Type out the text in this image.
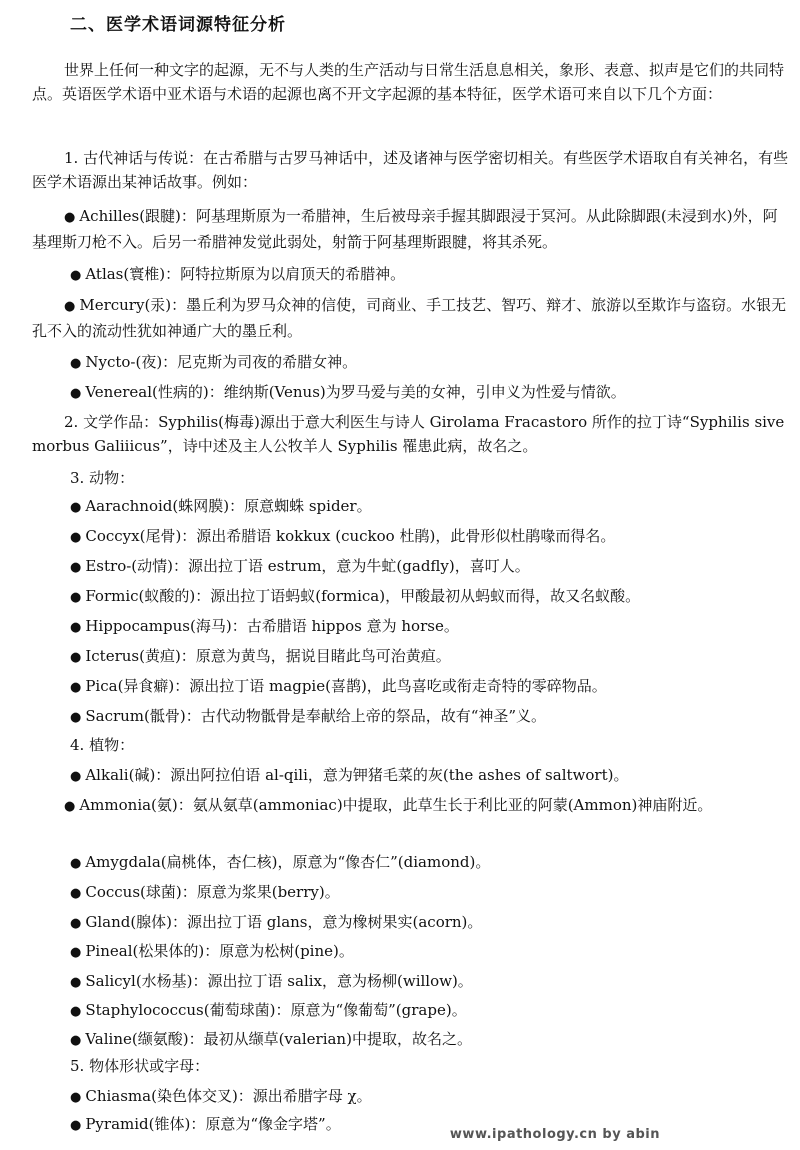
二、医学术语词源特征分析
世界上任何一种文字的起源，无不与人类的生产活动与日常生活息息相关，象形、表意、拟声是它们的共同特点。英语医学术语中亚术语与术语的起源也离不开文字起源的基本特征，医学术语可来自以下几个方面：
1. 古代神话与传说：在古希腊与古罗马神话中，述及诸神与医学密切相关。有些医学术语取自有关神名，有些医学术语源出某神话故事。例如：
● Achilles(跟腱)：阿基理斯原为一希腊神，生后被母亲手握其脚跟浸于冥河。从此除脚跟(未浸到水)外，阿基理斯刀枪不入。后另一希腊神发觉此弱处，射箭于阿基理斯跟腱，将其杀死。
● Atlas(寰椎)：阿特拉斯原为以肩顶天的希腊神。
● Mercury(汞)：墨丘利为罗马众神的信使，司商业、手工技艺、智巧、辩才、旅游以至欺诈与盗窃。水银无孔不入的流动性犹如神通广大的墨丘利。
● Nycto-(夜)：尼克斯为司夜的希腊女神。
● Venereal(性病的)：维纳斯(Venus)为罗马爱与美的女神，引申义为性爱与情欲。
2. 文学作品：Syphilis(梅毒)源出于意大利医生与诗人 Girolama Fracastoro 所作的拉丁诗“Syphilis sive morbus Galiiicus”，诗中述及主人公牧羊人 Syphilis 罹患此病，故名之。
3. 动物：
● Aarachnoid(蛛网膜)：原意蜘蛛 spider。
● Coccyx(尾骨)：源出希腊语 kokkux (cuckoo 杜鹃)，此骨形似杜鹃喙而得名。
● Estro-(动情)：源出拉丁语 estrum，意为牛虻(gadfly)，喜叮人。
● Formic(蚁酸的)：源出拉丁语蚂蚁(formica)，甲酸最初从蚂蚁而得，故又名蚁酸。
● Hippocampus(海马)：古希腊语 hippos 意为 horse。
● Icterus(黄疸)：原意为黄鸟，据说目睹此鸟可治黄疸。
● Pica(异食癖)：源出拉丁语 magpie(喜鹊)，此鸟喜吃或衔走奇特的零碎物品。
● Sacrum(骶骨)：古代动物骶骨是奉献给上帝的祭品，故有“神圣”义。
4. 植物：
● Alkali(碱)：源出阿拉伯语 al-qili，意为钾猪毛菜的灰(the ashes of saltwort)。
● Ammonia(氨)：氨从氨草(ammoniac)中提取，此草生长于利比亚的阿蒙(Ammon)神庙附近。
● Amygdala(扁桃体，杏仁核)，原意为“像杏仁”(diamond)。
● Coccus(球菌)：原意为浆果(berry)。
● Gland(腺体)：源出拉丁语 glans，意为橡树果实(acorn)。
● Pineal(松果体的)：原意为松树(pine)。
● Salicyl(水杨基)：源出拉丁语 salix，意为杨柳(willow)。
● Staphylococcus(葡萄球菌)：原意为“像葡萄”(grape)。
● Valine(缬氨酸)：最初从缬草(valerian)中提取，故名之。
5. 物体形状或字母：
● Chiasma(染色体交叉)：源出希腊字母 χ。
● Pyramid(锥体)：原意为“像金字塔”。
www.ipathology.cn by abin
